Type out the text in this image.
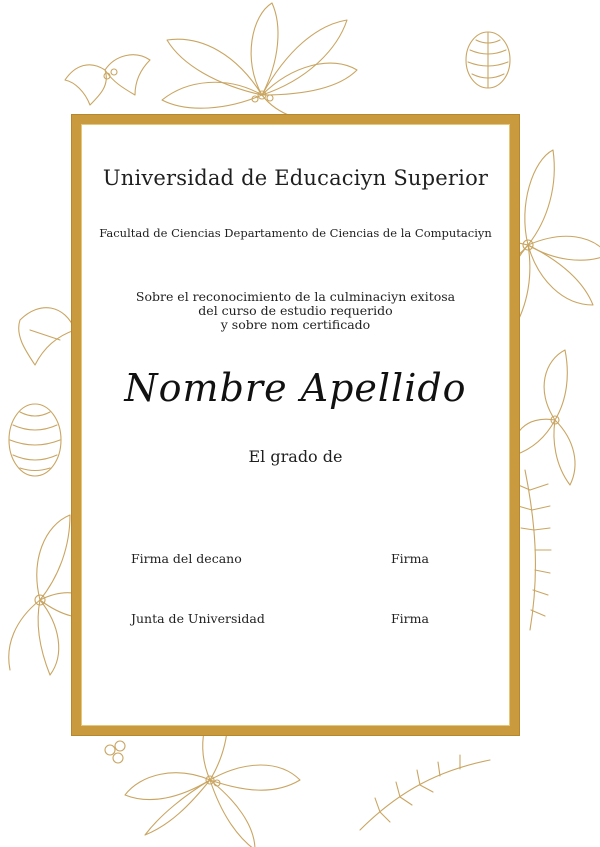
Universidad de Educaciyn Superior
Facultad de Ciencias Departamento de Ciencias de la Computaciyn
Sobre el reconocimiento de la culminaciyn exitosa
del curso de estudio requerido
y sobre nom certificado
Nombre Apellido
El grado de
Firma del decano	Firma
Junta de Universidad	Firma
